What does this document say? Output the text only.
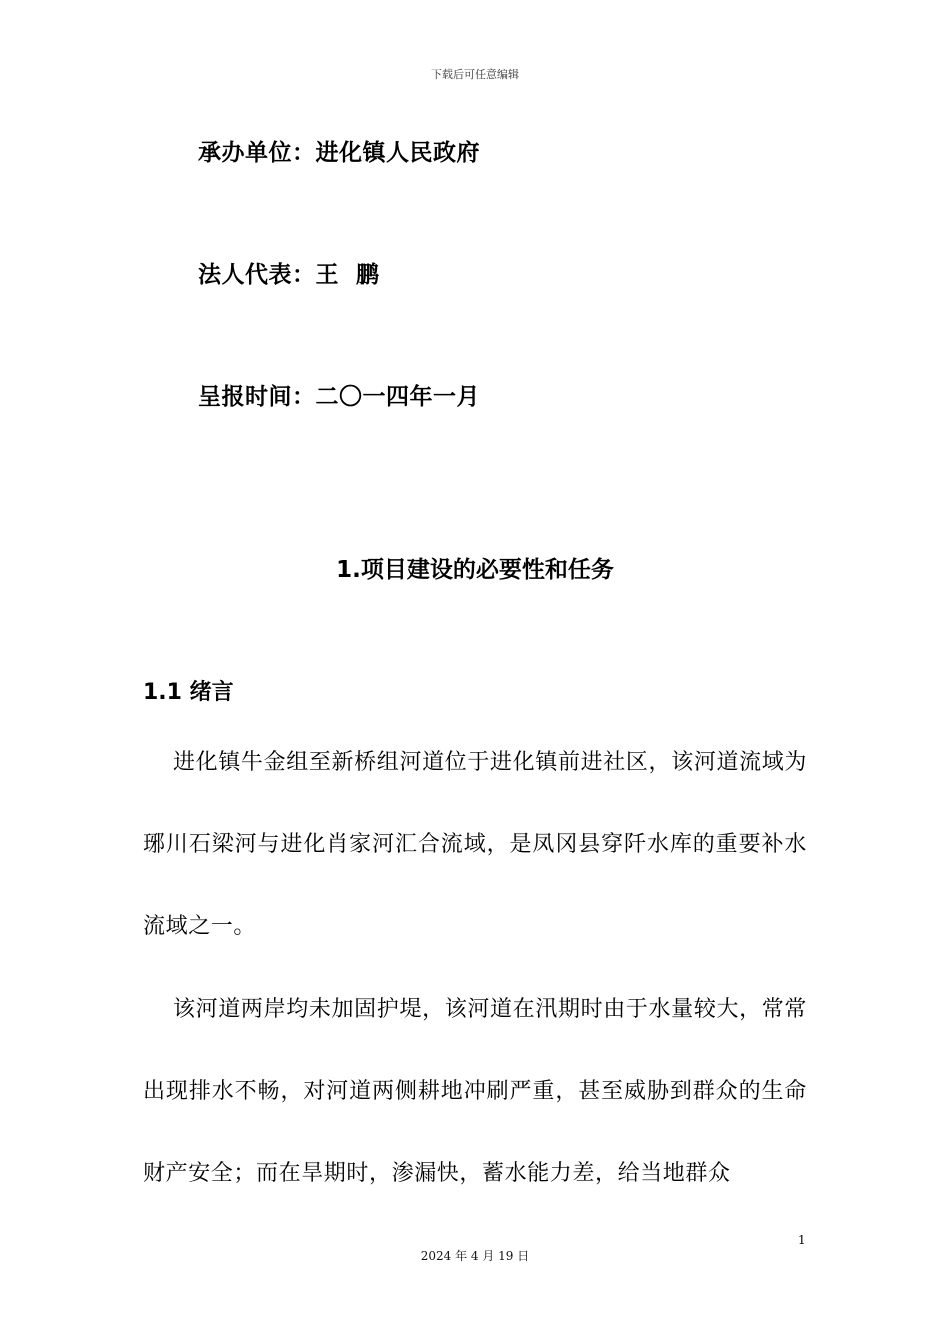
下载后可任意编辑
承办单位：进化镇人民政府
法人代表：王  鹏
呈报时间：二〇一四年一月
1.项目建设的必要性和任务
1.1 绪言
进化镇牛金组至新桥组河道位于进化镇前进社区，该河道流域为琊川石梁河与进化肖家河汇合流域，是凤冈县穿阡水库的重要补水流域之一。
该河道两岸均未加固护堤，该河道在汛期时由于水量较大，常常出现排水不畅，对河道两侧耕地冲刷严重，甚至威胁到群众的生命财产安全；而在旱期时，渗漏快，蓄水能力差，给当地群众
1
2024 年 4 月 19 日
